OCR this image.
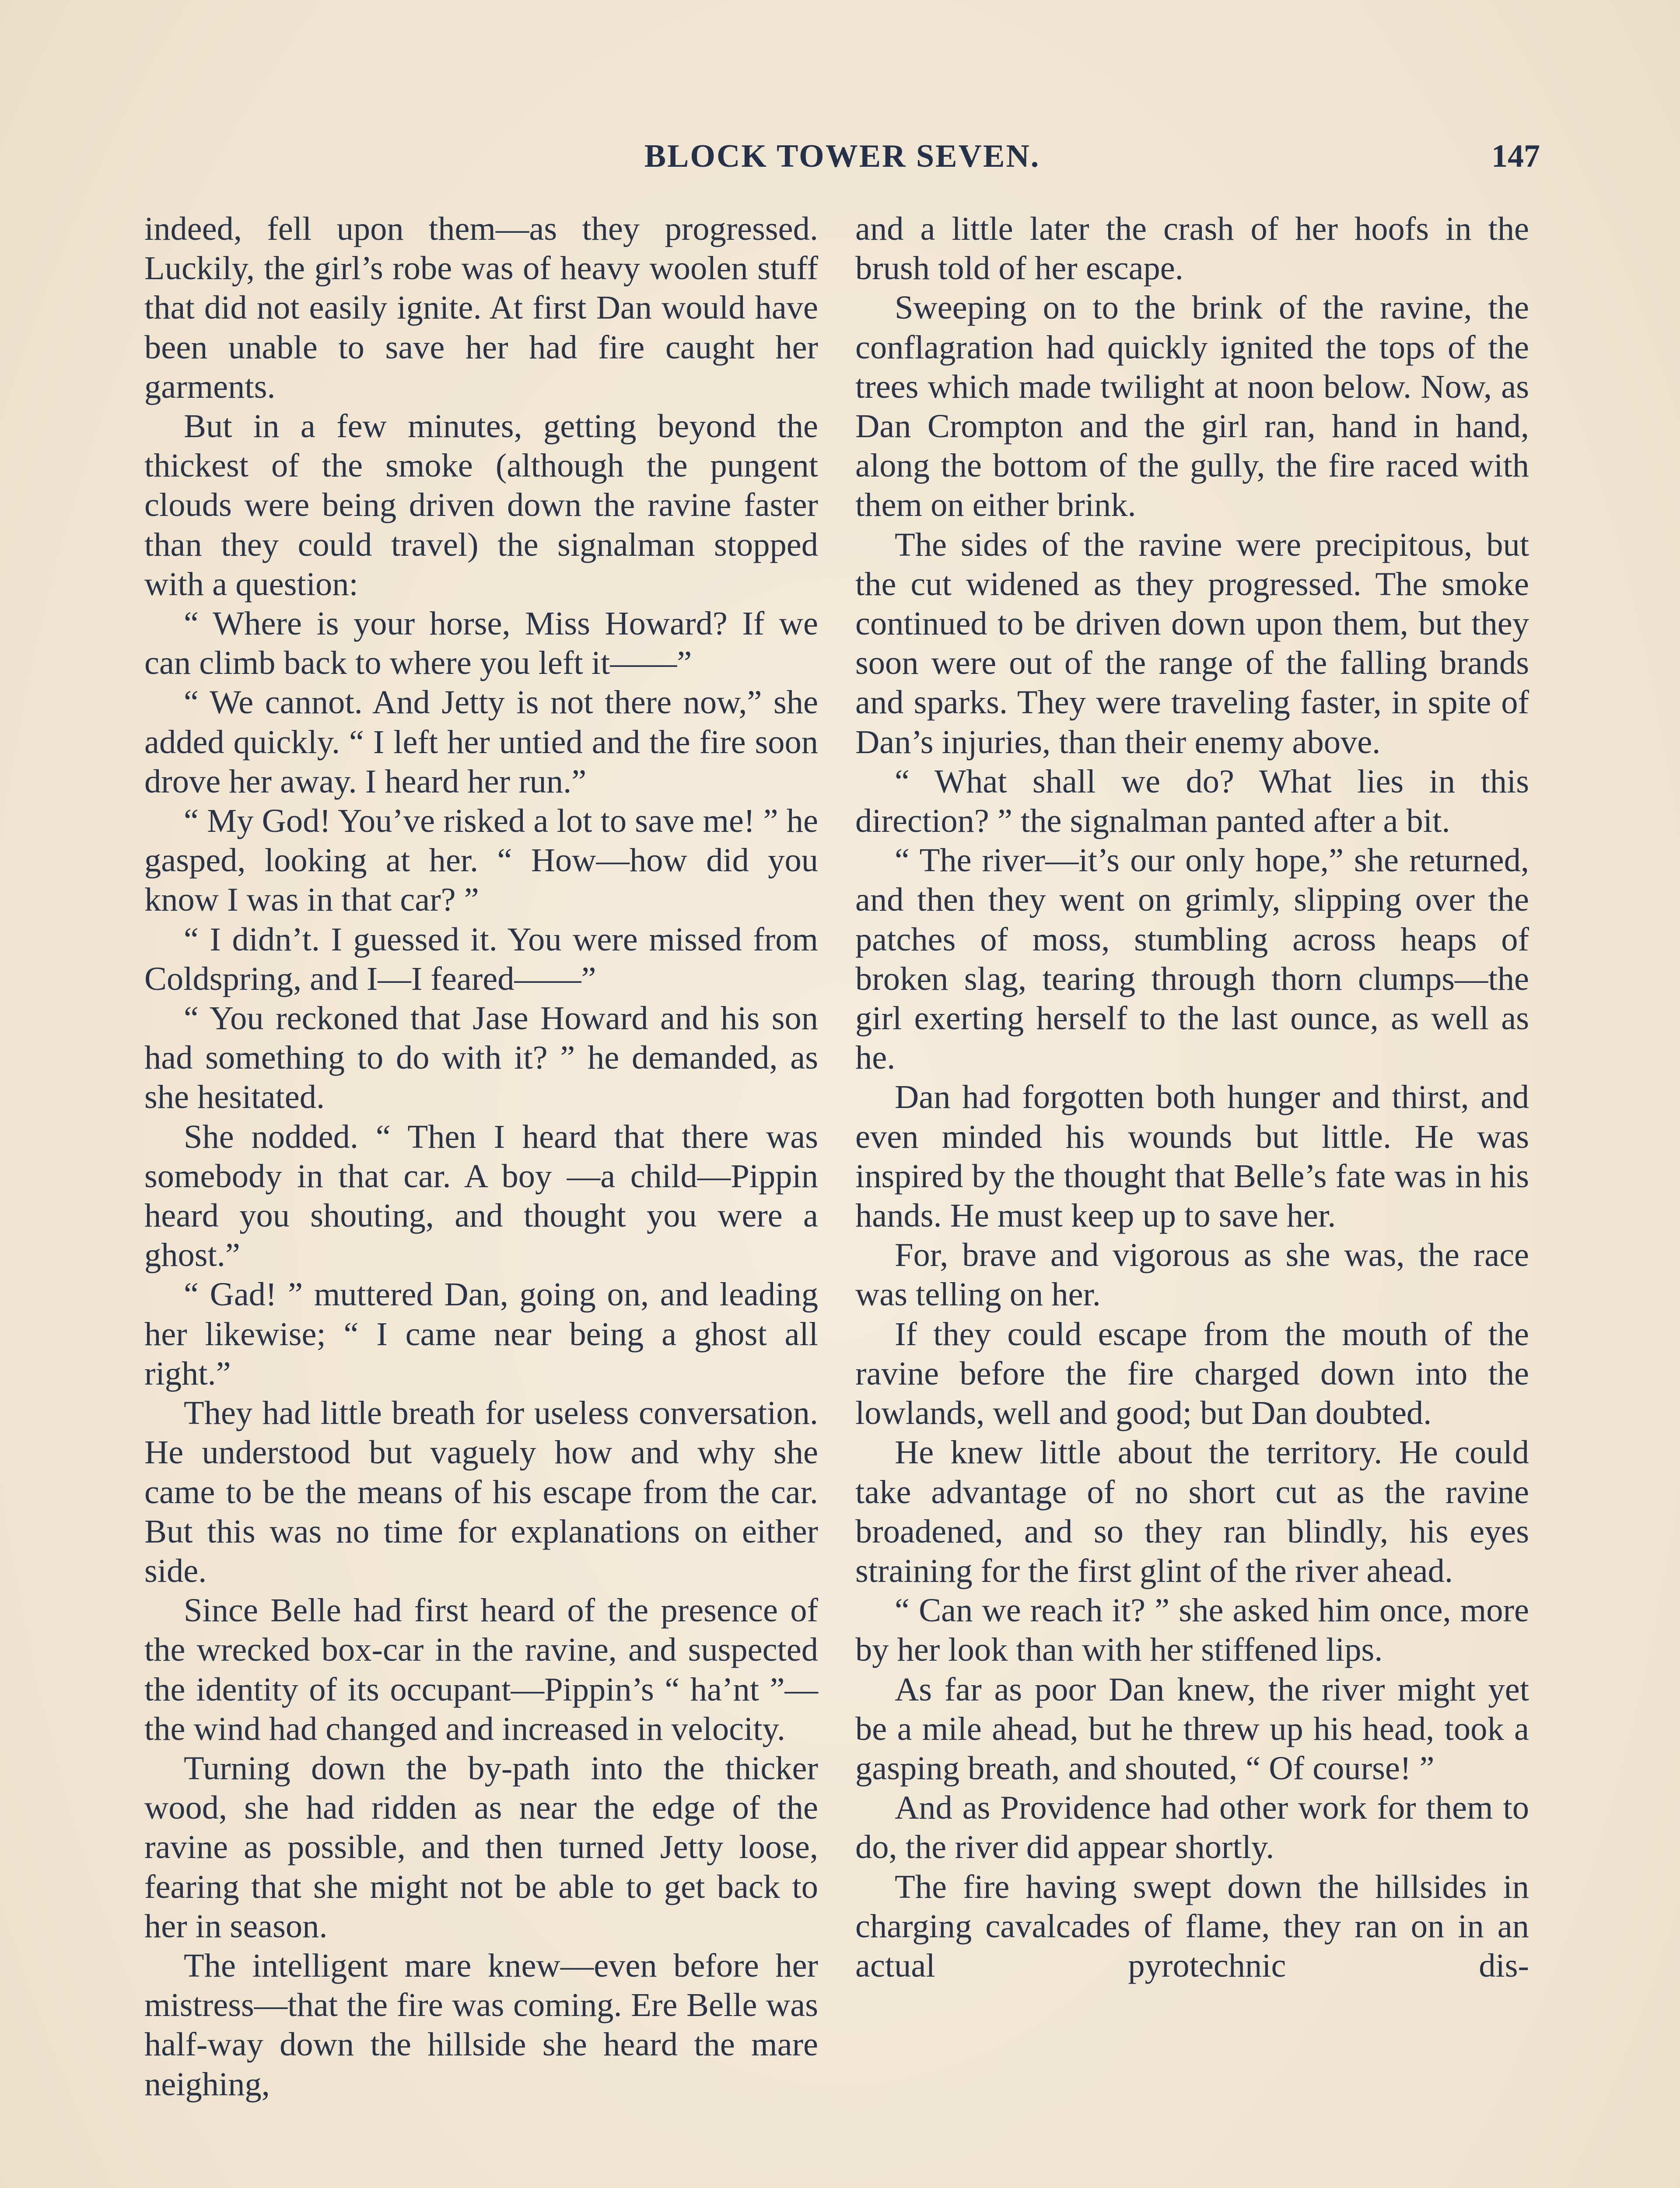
BLOCK TOWER SEVEN.	147

indeed, fell upon them—as they progressed. Luckily, the girl’s robe was of heavy woolen stuff that did not easily ignite. At first Dan would have been unable to save her had fire caught her garments.

But in a few minutes, getting beyond the thickest of the smoke (although the pungent clouds were being driven down the ravine faster than they could travel) the signalman stopped with a question:

“ Where is your horse, Miss Howard? If we can climb back to where you left it——”

“ We cannot. And Jetty is not there now,” she added quickly. “ I left her untied and the fire soon drove her away. I heard her run.”

“ My God! You’ve risked a lot to save me! ” he gasped, looking at her. “ How—how did you know I was in that car? ”

“ I didn’t. I guessed it. You were missed from Coldspring, and I—I feared——”

“ You reckoned that Jase Howard and his son had something to do with it? ” he demanded, as she hesitated.

She nodded. “ Then I heard that there was somebody in that car. A boy —a child—Pippin heard you shouting, and thought you were a ghost.”

“ Gad! ” muttered Dan, going on, and leading her likewise; “ I came near being a ghost all right.”

They had little breath for useless conversation. He understood but vaguely how and why she came to be the means of his escape from the car. But this was no time for explanations on either side.

Since Belle had first heard of the presence of the wrecked box-car in the ravine, and suspected the identity of its occupant—Pippin’s “ ha’nt ”—the wind had changed and increased in velocity.

Turning down the by-path into the thicker wood, she had ridden as near the edge of the ravine as possible, and then turned Jetty loose, fearing that she might not be able to get back to her in season.

The intelligent mare knew—even before her mistress—that the fire was coming. Ere Belle was half-way down the hillside she heard the mare neighing,

and a little later the crash of her hoofs in the brush told of her escape.

Sweeping on to the brink of the ravine, the conflagration had quickly ignited the tops of the trees which made twilight at noon below. Now, as Dan Crompton and the girl ran, hand in hand, along the bottom of the gully, the fire raced with them on either brink.

The sides of the ravine were precipitous, but the cut widened as they progressed. The smoke continued to be driven down upon them, but they soon were out of the range of the falling brands and sparks. They were traveling faster, in spite of Dan’s injuries, than their enemy above.

“ What shall we do? What lies in this direction? ” the signalman panted after a bit.

“ The river—it’s our only hope,” she returned, and then they went on grimly, slipping over the patches of moss, stumbling across heaps of broken slag, tearing through thorn clumps—the girl exerting herself to the last ounce, as well as he.

Dan had forgotten both hunger and thirst, and even minded his wounds but little. He was inspired by the thought that Belle’s fate was in his hands. He must keep up to save her.

For, brave and vigorous as she was, the race was telling on her.

If they could escape from the mouth of the ravine before the fire charged down into the lowlands, well and good; but Dan doubted.

He knew little about the territory. He could take advantage of no short cut as the ravine broadened, and so they ran blindly, his eyes straining for the first glint of the river ahead.

“ Can we reach it? ” she asked him once, more by her look than with her stiffened lips.

As far as poor Dan knew, the river might yet be a mile ahead, but he threw up his head, took a gasping breath, and shouted, “ Of course! ”

And as Providence had other work for them to do, the river did appear shortly.

The fire having swept down the hillsides in charging cavalcades of flame, they ran on in an actual pyrotechnic dis-
